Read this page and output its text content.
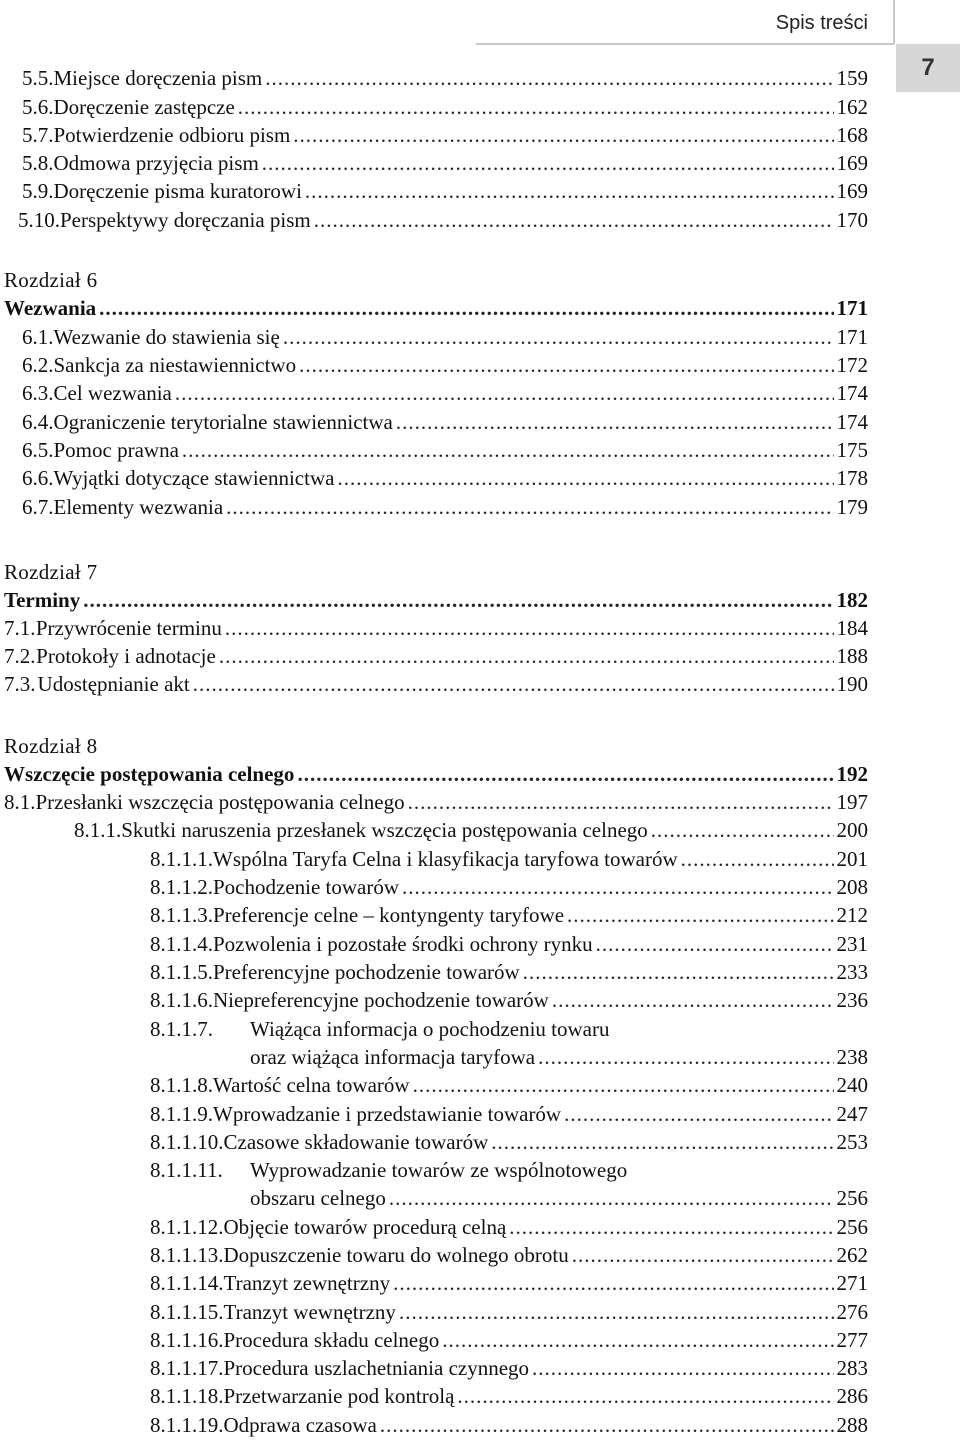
Spis treści
7
Rozdział 6
Rozdział 7
Rozdział 8
5.5. Miejsce doręczenia pism .....	159
5.6. Doręczenie zastępcze .....	162
5.7. Potwierdzenie odbioru pism .....	168
5.8. Odmowa przyjęcia pism .....	169
5.9. Doręczenie pisma kuratorowi .....	169
5.10. Perspektywy doręczania pism .....	170
Wezwania .....	171
6.1. Wezwanie do stawienia się .....	171
6.2. Sankcja za niestawiennictwo .....	172
6.3. Cel wezwania .....	174
6.4. Ograniczenie terytorialne stawiennictwa .....	174
6.5. Pomoc prawna .....	175
6.6. Wyjątki dotyczące stawiennictwa .....	178
6.7. Elementy wezwania .....	179
Terminy .....	182
7.1. Przywrócenie terminu .....	184
7.2. Protokoły i adnotacje .....	188
7.3. Udostępnianie akt .....	190
Wszczęcie postępowania celnego .....	192
8.1. Przesłanki wszczęcia postępowania celnego .....	197
8.1.1. Skutki naruszenia przesłanek wszczęcia postępowania celnego .....	200
8.1.1.1. Wspólna Taryfa Celna i klasyfikacja taryfowa towarów .....	201
8.1.1.2. Pochodzenie towarów .....	208
8.1.1.3. Preferencje celne – kontyngenty taryfowe .....	212
8.1.1.4. Pozwolenia i pozostałe środki ochrony rynku .....	231
8.1.1.5. Preferencyjne pochodzenie towarów .....	233
8.1.1.6. Niepreferencyjne pochodzenie towarów .....	236
8.1.1.7.	Wiążąca informacja o pochodzeniu towaru
oraz wiążąca informacja taryfowa .....	238
8.1.1.8. Wartość celna towarów .....	240
8.1.1.9. Wprowadzanie i przedstawianie towarów .....	247
8.1.1.10. Czasowe składowanie towarów .....	253
8.1.1.11.	Wyprowadzanie towarów ze wspólnotowego
obszaru celnego .....	256
8.1.1.12. Objęcie towarów procedurą celną .....	256
8.1.1.13. Dopuszczenie towaru do wolnego obrotu .....	262
8.1.1.14. Tranzyt zewnętrzny .....	271
8.1.1.15. Tranzyt wewnętrzny .....	276
8.1.1.16. Procedura składu celnego .....	277
8.1.1.17. Procedura uszlachetniania czynnego .....	283
8.1.1.18. Przetwarzanie pod kontrolą .....	286
8.1.1.19. Odprawa czasowa .....	288
